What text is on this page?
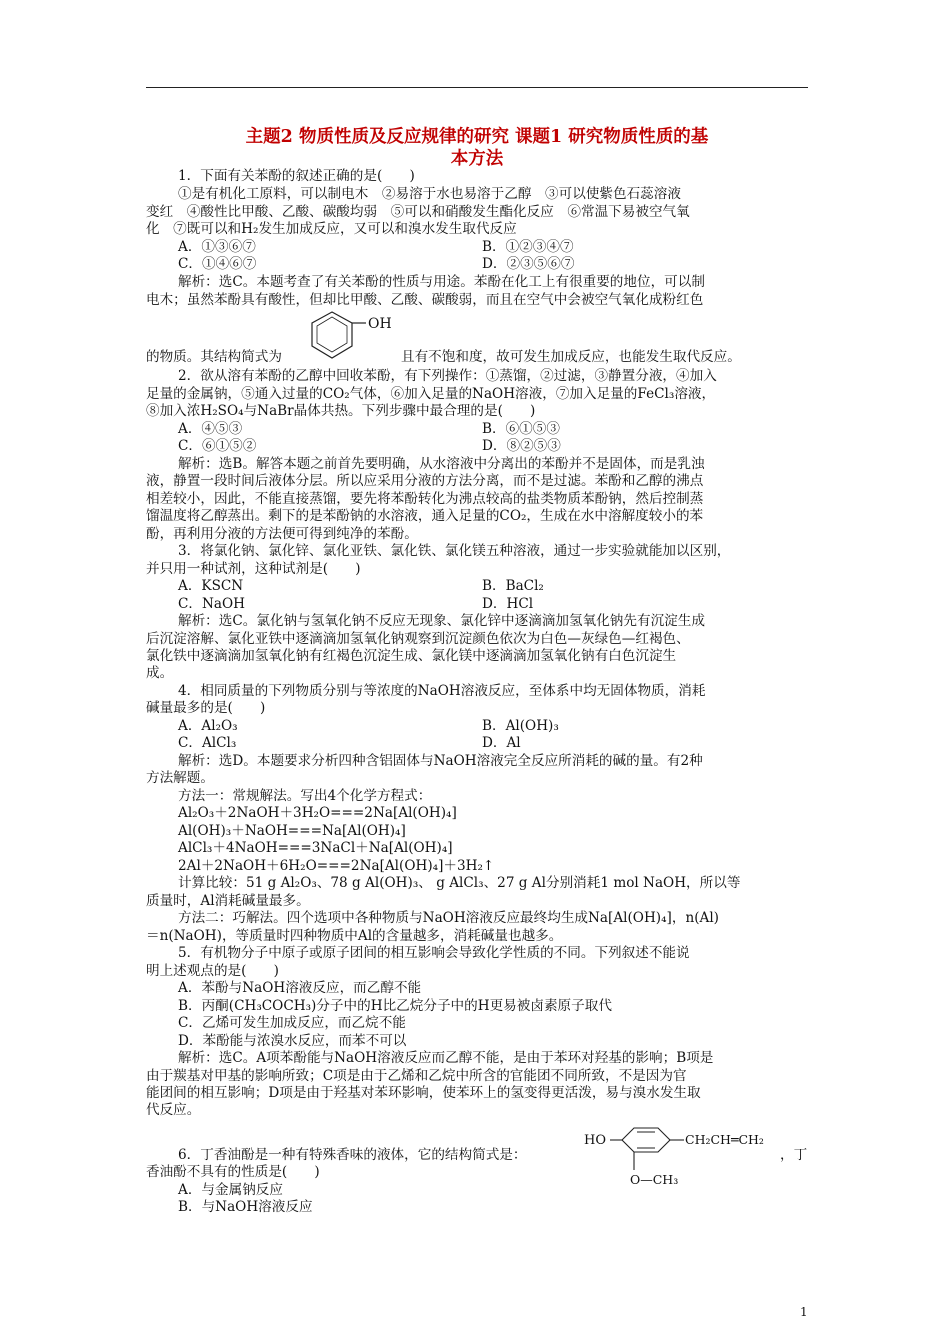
主题2 物质性质及反应规律的研究 课题1 研究物质性质的基
本方法
1．下面有关苯酚的叙述正确的是(　　)
①是有机化工原料，可以制电木　②易溶于水也易溶于乙醇　③可以使紫色石蕊溶液
变红　④酸性比甲酸、乙酸、碳酸均弱　⑤可以和硝酸发生酯化反应　⑥常温下易被空气氧
化　⑦既可以和H₂发生加成反应，又可以和溴水发生取代反应
A．①③⑥⑦	B．①②③④⑦
C．①④⑥⑦	D．②③⑤⑥⑦
解析：选C。本题考查了有关苯酚的性质与用途。苯酚在化工上有很重要的地位，可以制
电木；虽然苯酚具有酸性，但却比甲酸、乙酸、碳酸弱，而且在空气中会被空气氧化成粉红色
OH
的物质。其结构简式为	且有不饱和度，故可发生加成反应，也能发生取代反应。
2．欲从溶有苯酚的乙醇中回收苯酚，有下列操作：①蒸馏，②过滤，③静置分液，④加入
足量的金属钠，⑤通入过量的CO₂气体，⑥加入足量的NaOH溶液，⑦加入足量的FeCl₃溶液，
⑧加入浓H₂SO₄与NaBr晶体共热。下列步骤中最合理的是(　　)
A．④⑤③	B．⑥①⑤③
C．⑥①⑤②	D．⑧②⑤③
解析：选B。解答本题之前首先要明确，从水溶液中分离出的苯酚并不是固体，而是乳浊
液，静置一段时间后液体分层。所以应采用分液的方法分离，而不是过滤。苯酚和乙醇的沸点
相差较小，因此，不能直接蒸馏，要先将苯酚转化为沸点较高的盐类物质苯酚钠，然后控制蒸
馏温度将乙醇蒸出。剩下的是苯酚钠的水溶液，通入足量的CO₂，生成在水中溶解度较小的苯
酚，再利用分液的方法便可得到纯净的苯酚。
3．将氯化钠、氯化锌、氯化亚铁、氯化铁、氯化镁五种溶液，通过一步实验就能加以区别，
并只用一种试剂，这种试剂是(　　)
A．KSCN	B．BaCl₂
C．NaOH	D．HCl
解析：选C。氯化钠与氢氧化钠不反应无现象、氯化锌中逐滴滴加氢氧化钠先有沉淀生成
后沉淀溶解、氯化亚铁中逐滴滴加氢氧化钠观察到沉淀颜色依次为白色—灰绿色—红褐色、
氯化铁中逐滴滴加氢氧化钠有红褐色沉淀生成、氯化镁中逐滴滴加氢氧化钠有白色沉淀生
成。
4．相同质量的下列物质分别与等浓度的NaOH溶液反应，至体系中均无固体物质，消耗
碱量最多的是(　　)
A．Al₂O₃	B．Al(OH)₃
C．AlCl₃	D．Al
解析：选D。本题要求分析四种含铝固体与NaOH溶液完全反应所消耗的碱的量。有2种
方法解题。
方法一：常规解法。写出4个化学方程式：
Al₂O₃＋2NaOH＋3H₂O===2Na[Al(OH)₄]
Al(OH)₃＋NaOH===Na[Al(OH)₄]
AlCl₃＋4NaOH===3NaCl＋Na[Al(OH)₄]
2Al＋2NaOH＋6H₂O===2Na[Al(OH)₄]＋3H₂↑
计算比较：51 g Al₂O₃、78 g Al(OH)₃、 g AlCl₃、27 g Al分别消耗1 mol NaOH，所以等
质量时，Al消耗碱量最多。
方法二：巧解法。四个选项中各种物质与NaOH溶液反应最终均生成Na[Al(OH)₄]，n(Al)
＝n(NaOH)，等质量时四种物质中Al的含量越多，消耗碱量也越多。
5．有机物分子中原子或原子团间的相互影响会导致化学性质的不同。下列叙述不能说
明上述观点的是(　　)
A．苯酚与NaOH溶液反应，而乙醇不能
B．丙酮(CH₃COCH₃)分子中的H比乙烷分子中的H更易被卤素原子取代
C．乙烯可发生加成反应，而乙烷不能
D．苯酚能与浓溴水反应，而苯不可以
解析：选C。A项苯酚能与NaOH溶液反应而乙醇不能，是由于苯环对羟基的影响；B项是
由于羰基对甲基的影响所致；C项是由于乙烯和乙烷中所含的官能团不同所致，不是因为官
能团间的相互影响；D项是由于羟基对苯环影响，使苯环上的氢变得更活泼，易与溴水发生取
代反应。
HO	CH₂CH═CH₂
O—CH₃
6．丁香油酚是一种有特殊香味的液体，它的结构简式是：	，丁
香油酚不具有的性质是(　　)
A．与金属钠反应
B．与NaOH溶液反应
1
